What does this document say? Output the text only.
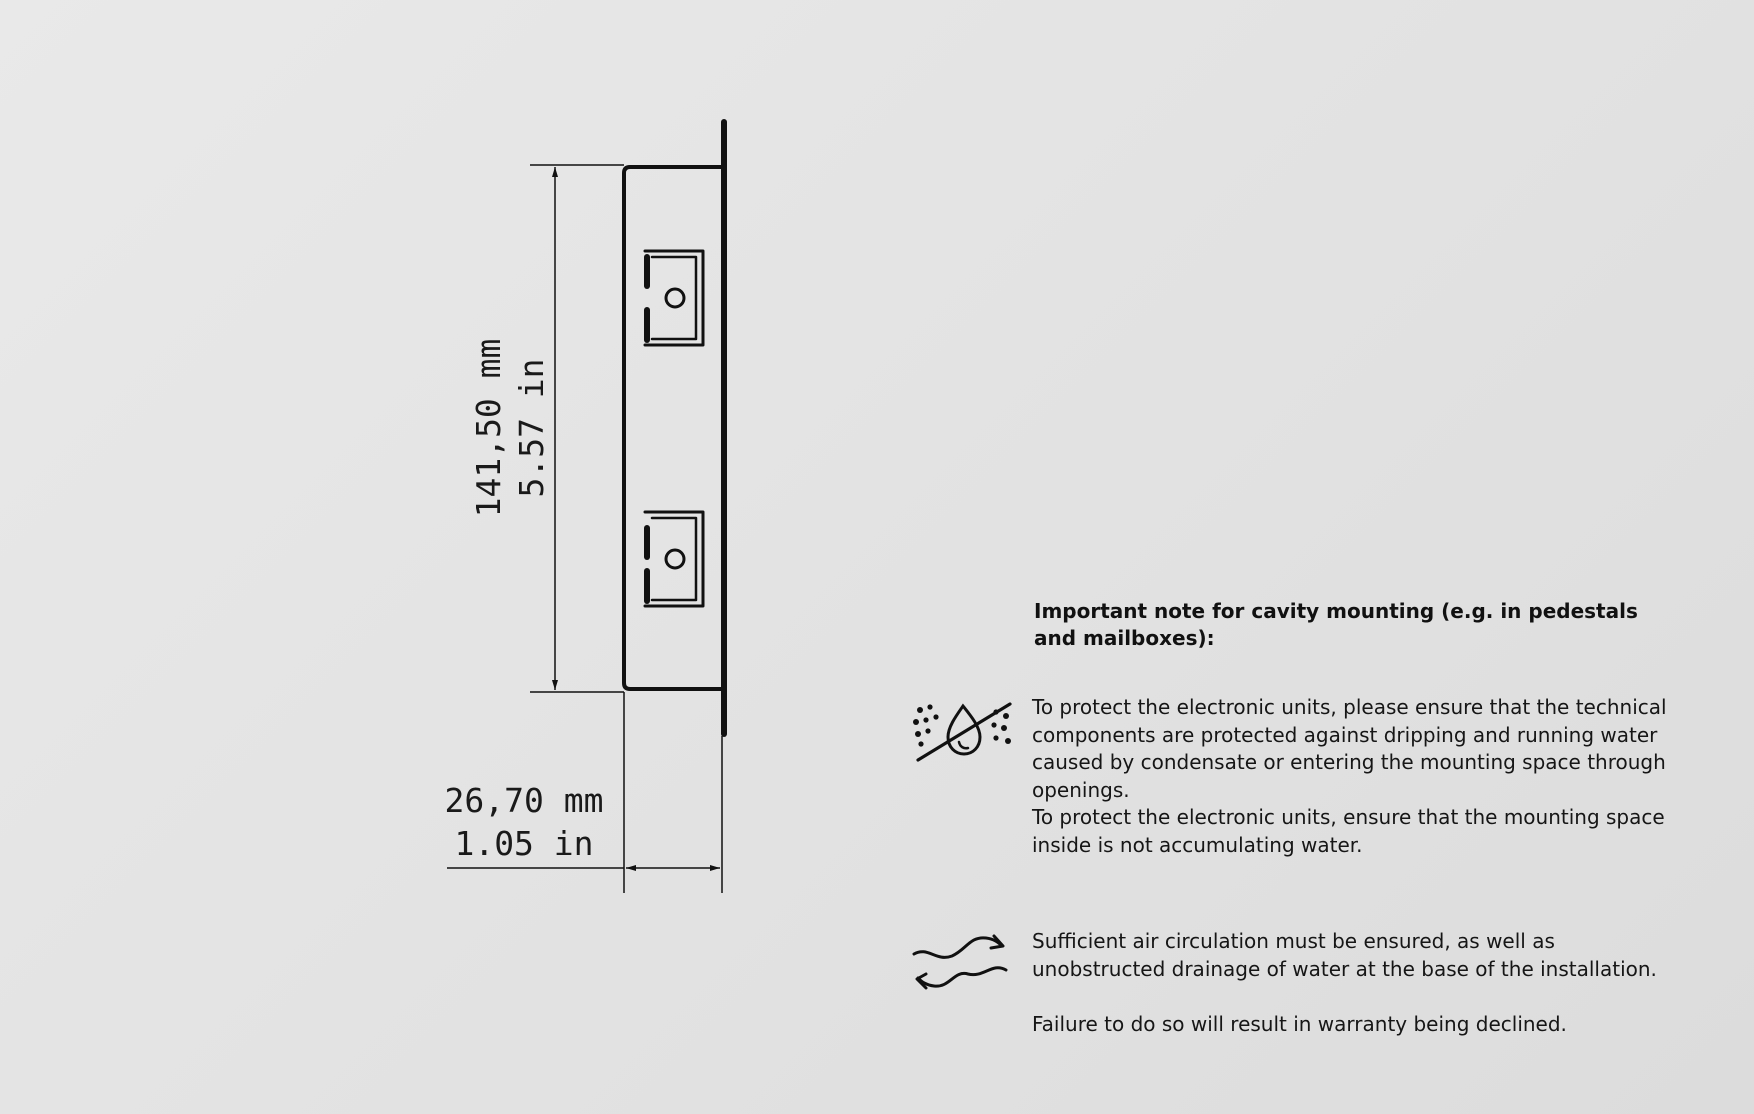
141,50 mm 5.57 in
26,70 mm
1.05 in
Important note for cavity mounting (e.g. in pedestals and mailboxes):

To protect the electronic units, please ensure that the technical components are protected against dripping and running water caused by condensate or entering the mounting space through openings.
To protect the electronic units, ensure that the mounting space inside is not accumulating water.

Sufficient air circulation must be ensured, as well as unobstructed drainage of water at the base of the installation.
Failure to do so will result in warranty being declined.
